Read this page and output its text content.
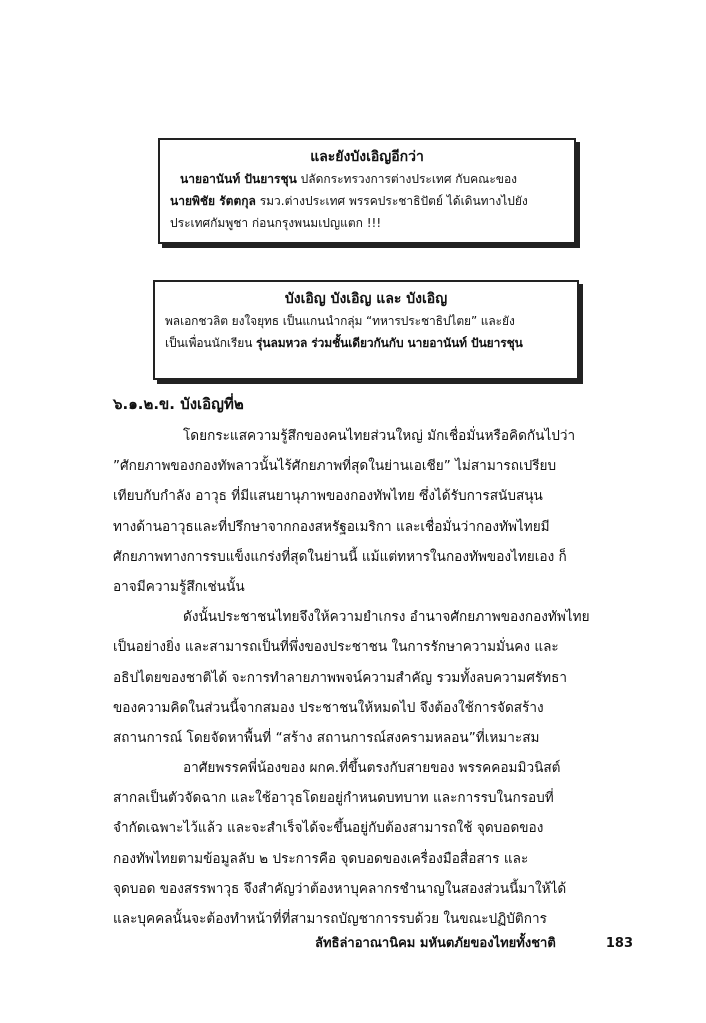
และยังบังเอิญอีกว่า

นายอานันท์ ปันยารชุน ปลัดกระทรวงการต่างประเทศ กับคณะของ

นายพิชัย รัตตกุล รมว.ต่างประเทศ พรรคประชาธิปัตย์ ได้เดินทางไปยัง

ประเทศกัมพูชา ก่อนกรุงพนมเปญแตก !!!

บังเอิญ บังเอิญ และ บังเอิญ

พลเอกชวลิต ยงใจยุทธ เป็นแกนนำกลุ่ม “ทหารประชาธิปไตย” และยัง

เป็นเพื่อนนักเรียน รุ่นลมหวล ร่วมชั้นเดียวกันกับ นายอานันท์ ปันยารชุน

๖.๑.๒.ข. บังเอิญที่๒

โดยกระแสความรู้สึกของคนไทยส่วนใหญ่ มักเชื่อมั่นหรือคิดกันไปว่า

”ศักยภาพของกองทัพลาวนั้นไร้ศักยภาพที่สุดในย่านเอเชีย” ไม่สามารถเปรียบ

เทียบกับกำลัง อาวุธ ที่มีแสนยานุภาพของกองทัพไทย ซึ่งได้รับการสนับสนุน

ทางด้านอาวุธและที่ปรึกษาจากกองสหรัฐอเมริกา และเชื่อมั่นว่ากองทัพไทยมี

ศักยภาพทางการรบแข็งแกร่งที่สุดในย่านนี้ แม้แต่ทหารในกองทัพของไทยเอง ก็

อาจมีความรู้สึกเช่นนั้น

ดังนั้นประชาชนไทยจึงให้ความยำเกรง อำนาจศักยภาพของกองทัพไทย

เป็นอย่างยิ่ง และสามารถเป็นที่พึ่งของประชาชน ในการรักษาความมั่นคง และ

อธิปไตยของชาติได้ จะการทำลายภาพพจน์ความสำคัญ รวมทั้งลบความศรัทธา

ของความคิดในส่วนนี้จากสมอง ประชาชนให้หมดไป จึงต้องใช้การจัดสร้าง

สถานการณ์ โดยจัดหาพื้นที่ “สร้าง สถานการณ์สงครามหลอน”ที่เหมาะสม

อาศัยพรรคพี่น้องของ ผกค.ที่ขึ้นตรงกับสายของ พรรคคอมมิวนิสต์

สากลเป็นตัวจัดฉาก และใช้อาวุธโดยอยู่กำหนดบทบาท และการรบในกรอบที่

จำกัดเฉพาะไว้แล้ว และจะสำเร็จได้จะขึ้นอยู่กับต้องสามารถใช้ จุดบอดของ

กองทัพไทยตามข้อมูลลับ ๒ ประการคือ จุดบอดของเครื่องมือสื่อสาร และ

จุดบอด ของสรรพาวุธ จึงสำคัญว่าต้องหาบุคลากรชำนาญในสองส่วนนี้มาให้ได้

และบุคคลนั้นจะต้องทำหน้าที่ที่สามารถบัญชาการรบด้วย ในขณะปฏิบัติการ

ลัทธิล่าอาณานิคม มหันตภัยของไทยทั้งชาติ	183
